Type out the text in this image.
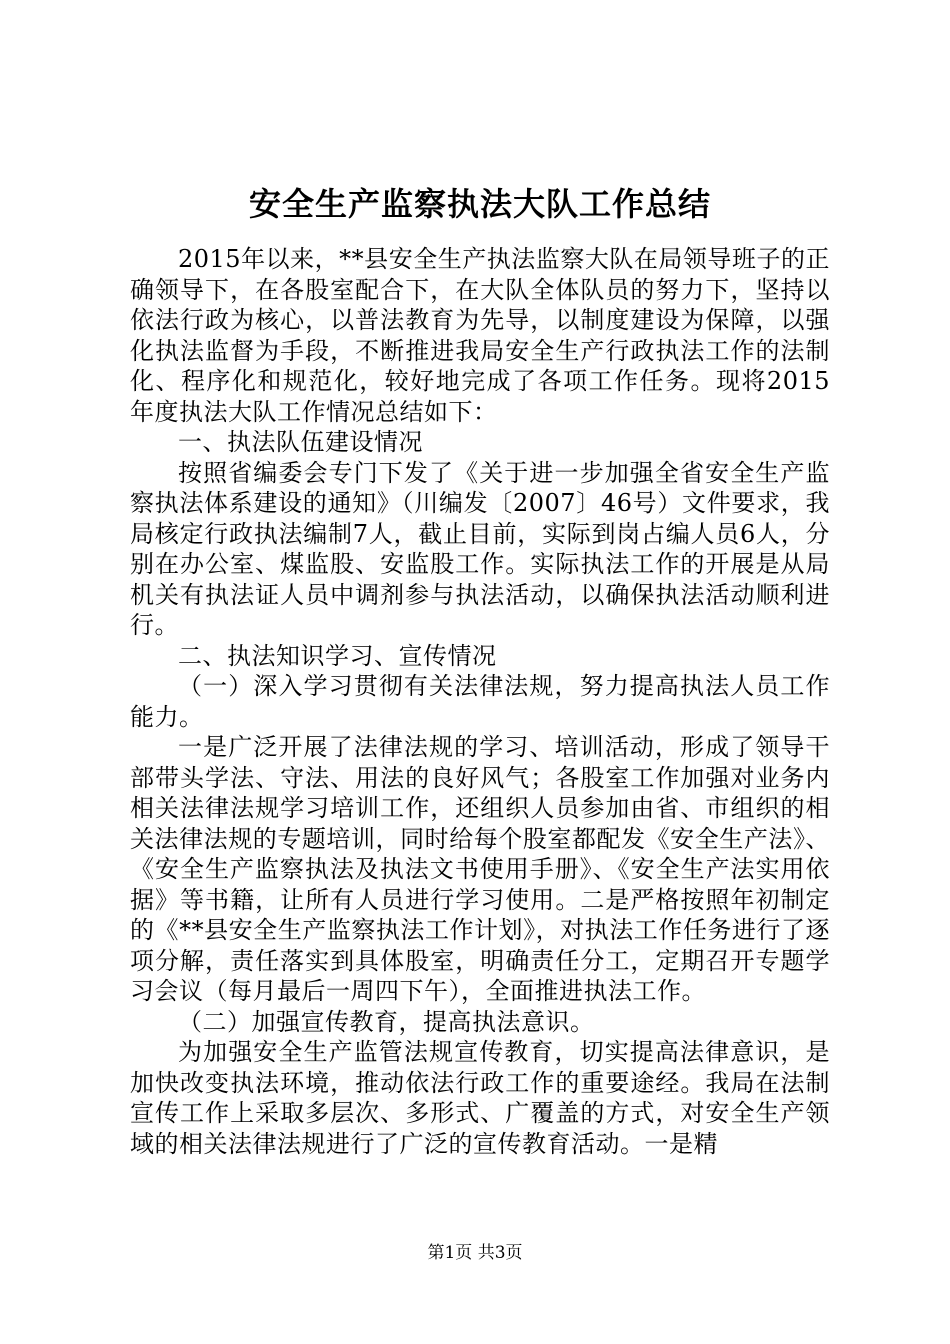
安全生产监察执法大队工作总结

2015年以来，**县安全生产执法监察大队在局领导班子的正确领导下，在各股室配合下，在大队全体队员的努力下，坚持以依法行政为核心，以普法教育为先导，以制度建设为保障，以强化执法监督为手段，不断推进我局安全生产行政执法工作的法制化、程序化和规范化，较好地完成了各项工作任务。现将2015年度执法大队工作情况总结如下：

一、执法队伍建设情况

按照省编委会专门下发了《关于进一步加强全省安全生产监察执法体系建设的通知》（川编发〔2007〕46号）文件要求，我局核定行政执法编制7人，截止目前，实际到岗占编人员6人，分别在办公室、煤监股、安监股工作。实际执法工作的开展是从局机关有执法证人员中调剂参与执法活动，以确保执法活动顺利进行。

二、执法知识学习、宣传情况

（一）深入学习贯彻有关法律法规，努力提高执法人员工作能力。

一是广泛开展了法律法规的学习、培训活动，形成了领导干部带头学法、守法、用法的良好风气；各股室工作加强对业务内相关法律法规学习培训工作，还组织人员参加由省、市组织的相关法律法规的专题培训，同时给每个股室都配发《安全生产法》、《安全生产监察执法及执法文书使用手册》、《安全生产法实用依据》等书籍，让所有人员进行学习使用。二是严格按照年初制定的《**县安全生产监察执法工作计划》，对执法工作任务进行了逐项分解，责任落实到具体股室，明确责任分工，定期召开专题学习会议（每月最后一周四下午），全面推进执法工作。

（二）加强宣传教育，提高执法意识。

为加强安全生产监管法规宣传教育，切实提高法律意识，是加快改变执法环境，推动依法行政工作的重要途经。我局在法制宣传工作上采取多层次、多形式、广覆盖的方式，对安全生产领域的相关法律法规进行了广泛的宣传教育活动。一是精

第1页 共3页
